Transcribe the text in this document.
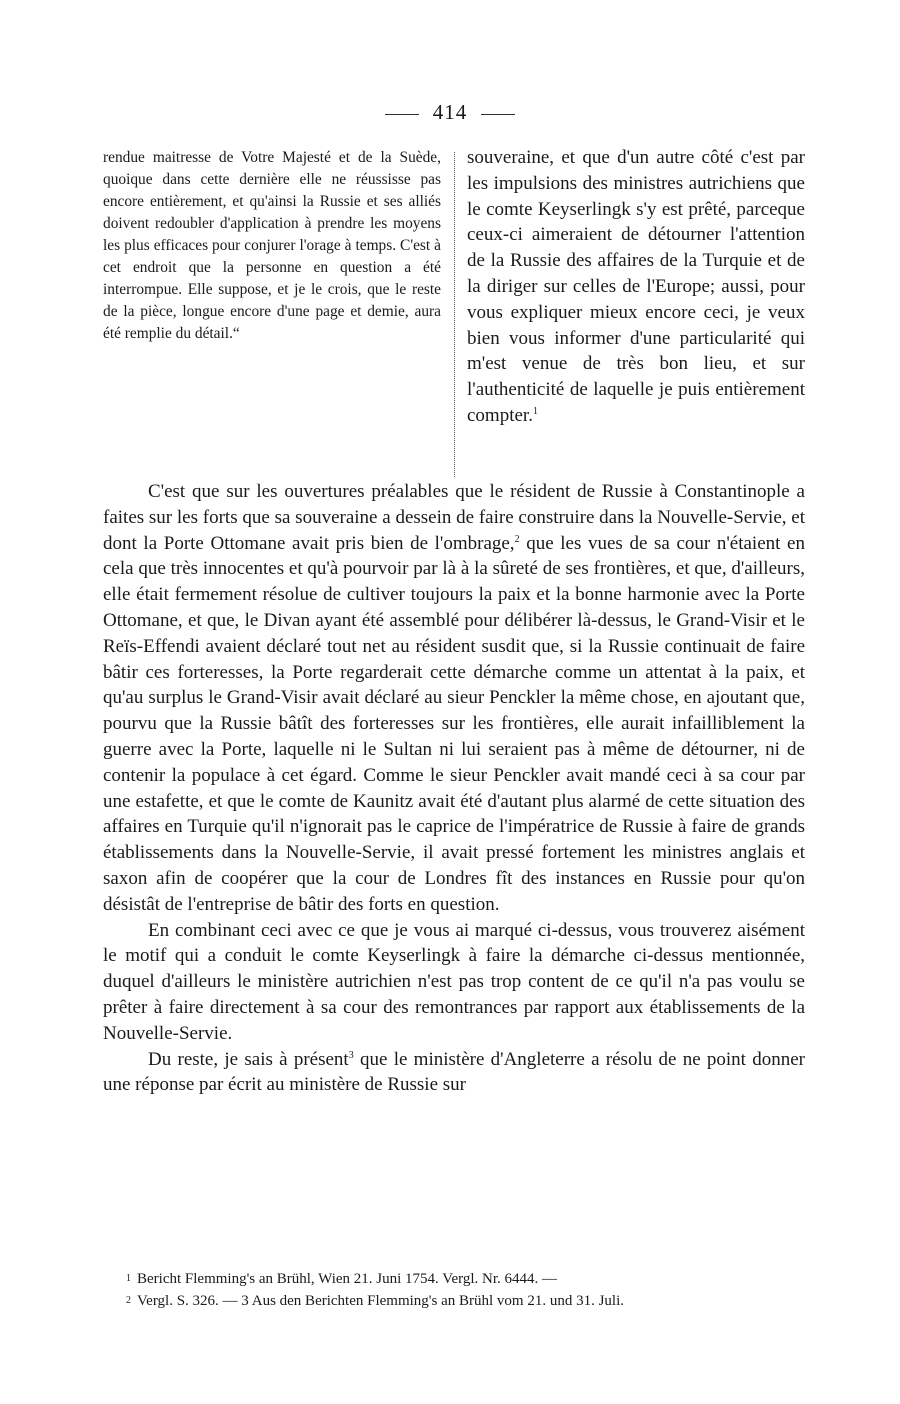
414

rendue maitresse de Votre Majesté et de la Suède, quoique dans cette dernière elle ne réussisse pas encore entièrement, et qu'ainsi la Russie et ses alliés doivent redoubler d'application à prendre les moyens les plus efficaces pour conjurer l'orage à temps. C'est à cet endroit que la personne en question a été interrompue. Elle suppose, et je le crois, que le reste de la pièce, longue encore d'une page et demie, aura été remplie du détail.“

souveraine, et que d'un autre côté c'est par les impulsions des ministres autrichiens que le comte Keyserlingk s'y est prêté, parceque ceux-ci aimeraient de détourner l'attention de la Russie des affaires de la Turquie et de la diriger sur celles de l'Europe; aussi, pour vous expliquer mieux encore ceci, je veux bien vous informer d'une particularité qui m'est venue de très bon lieu, et sur l'authenticité de laquelle je puis entièrement compter.$^1$

C'est que sur les ouvertures préalables que le résident de Russie à Constantinople a faites sur les forts que sa souveraine a dessein de faire construire dans la Nouvelle-Servie, et dont la Porte Ottomane avait pris bien de l'ombrage,$^2$ que les vues de sa cour n'étaient en cela que très innocentes et qu'à pourvoir par là à la sûreté de ses frontières, et que, d'ailleurs, elle était fermement résolue de cultiver toujours la paix et la bonne harmonie avec la Porte Ottomane, et que, le Divan ayant été assemblé pour délibérer là-dessus, le Grand-Visir et le Reïs-Effendi avaient déclaré tout net au résident susdit que, si la Russie continuait de faire bâtir ces forteresses, la Porte regarderait cette démarche comme un attentat à la paix, et qu'au surplus le Grand-Visir avait déclaré au sieur Penckler la même chose, en ajoutant que, pourvu que la Russie bâtît des forteresses sur les frontières, elle aurait infailliblement la guerre avec la Porte, laquelle ni le Sultan ni lui seraient pas à même de détourner, ni de contenir la populace à cet égard. Comme le sieur Penckler avait mandé ceci à sa cour par une estafette, et que le comte de Kaunitz avait été d'autant plus alarmé de cette situation des affaires en Turquie qu'il n'ignorait pas le caprice de l'impératrice de Russie à faire de grands établissements dans la Nouvelle-Servie, il avait pressé fortement les ministres anglais et saxon afin de coopérer que la cour de Londres fît des instances en Russie pour qu'on désistât de l'entreprise de bâtir des forts en question.

En combinant ceci avec ce que je vous ai marqué ci-dessus, vous trouverez aisément le motif qui a conduit le comte Keyserlingk à faire la démarche ci-dessus mentionnée, duquel d'ailleurs le ministère autrichien n'est pas trop content de ce qu'il n'a pas voulu se prêter à faire directement à sa cour des remontrances par rapport aux établissements de la Nouvelle-Servie.

Du reste, je sais à présent$^3$ que le ministère d'Angleterre a résolu de ne point donner une réponse par écrit au ministère de Russie sur

1 Bericht Flemming's an Brühl, Wien 21. Juni 1754. Vergl. Nr. 6444. —

2 Vergl. S. 326. — 3 Aus den Berichten Flemming's an Brühl vom 21. und 31. Juli.
